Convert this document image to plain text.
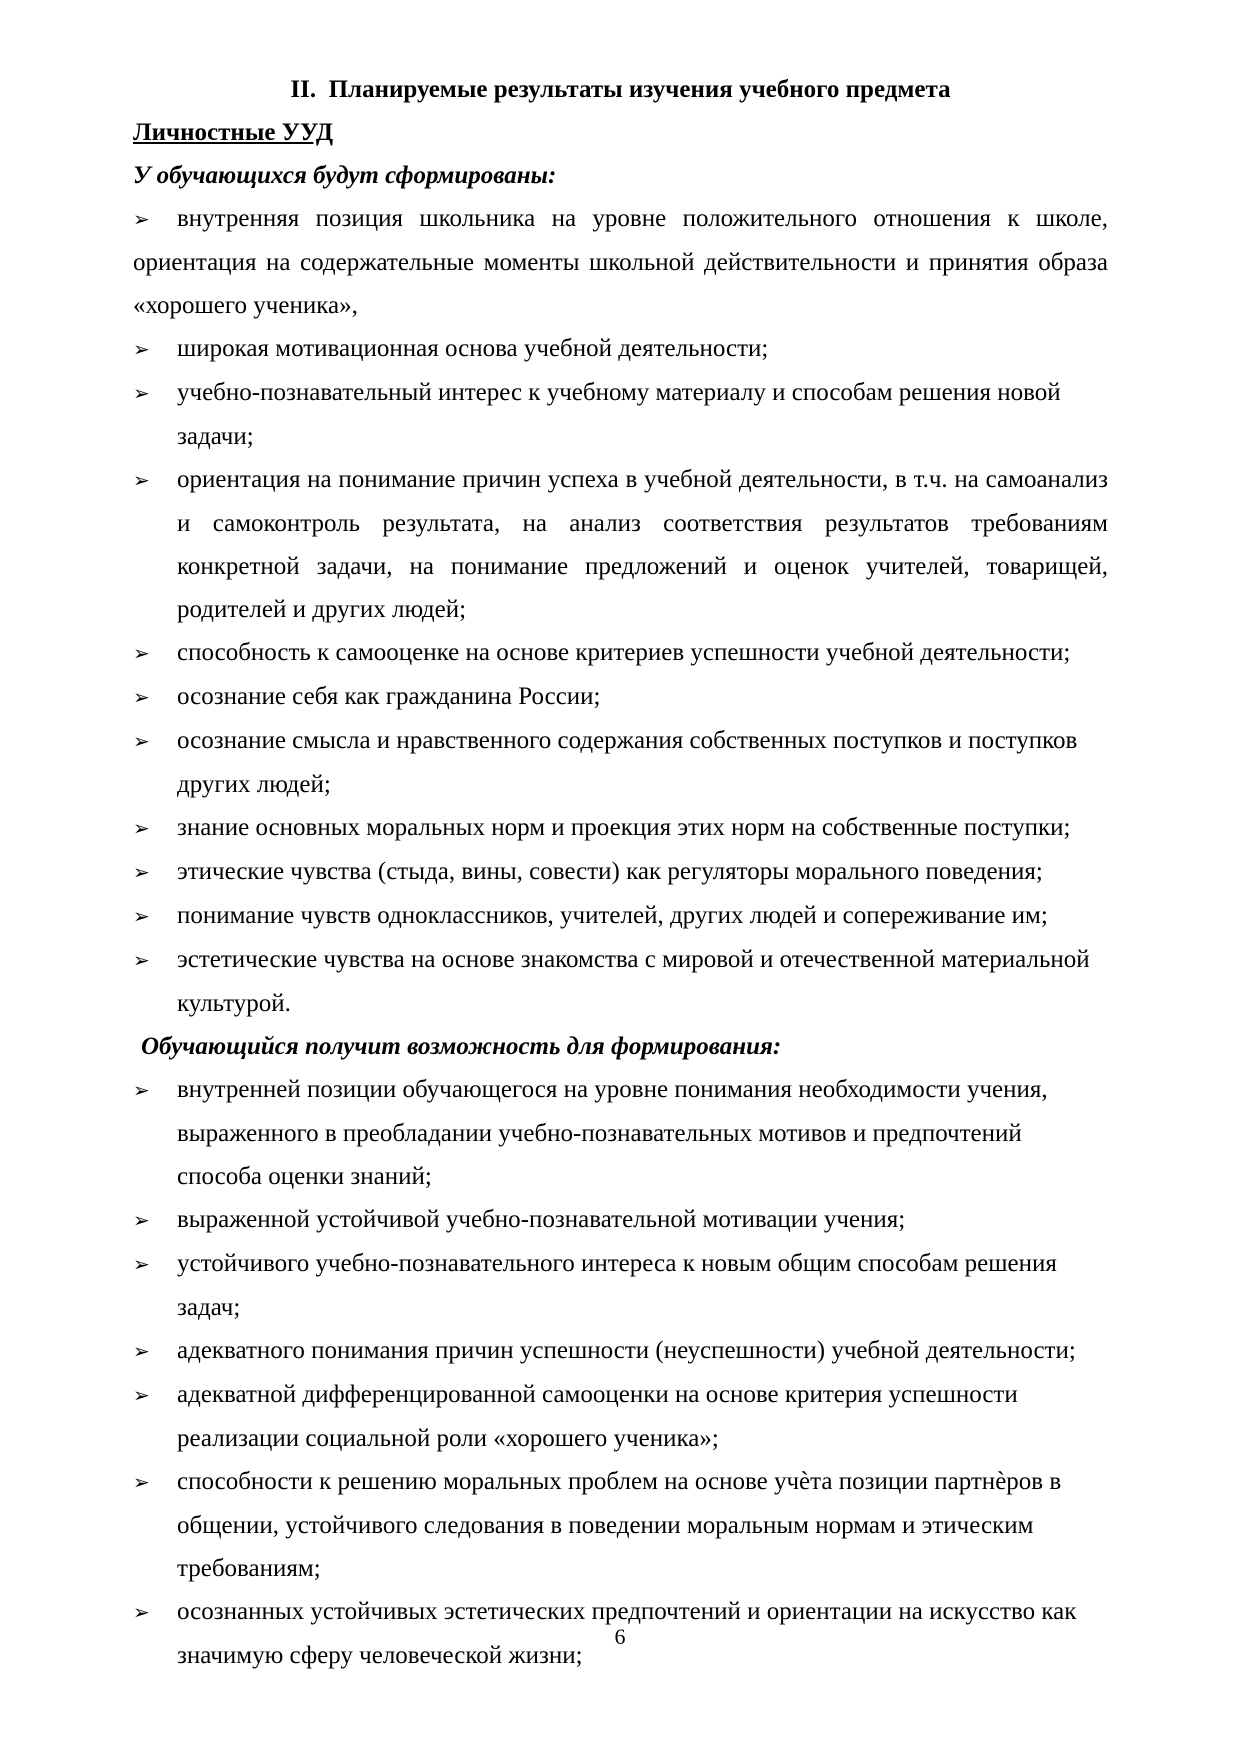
II.  Планируемые результаты изучения учебного предмета

Личностные УУД

У обучающихся будут сформированы:

➢ внутренняя позиция школьника на уровне положительного отношения к школе, ориентация на содержательные моменты школьной действительности и принятия образа «хорошего ученика»,
➢ широкая мотивационная основа учебной деятельности;
➢ учебно-познавательный интерес к учебному материалу и способам решения новой задачи;
➢ ориентация на понимание причин успеха в учебной деятельности, в т.ч. на самоанализ и самоконтроль результата, на анализ соответствия результатов требованиям конкретной задачи, на понимание предложений и оценок учителей, товарищей, родителей и других людей;
➢ способность к самооценке на основе критериев успешности учебной деятельности;
➢ осознание себя как гражданина России;
➢ осознание смысла и нравственного содержания собственных поступков и поступков других людей;
➢ знание основных моральных норм и проекция этих норм на собственные поступки;
➢ этические чувства (стыда, вины, совести) как регуляторы морального поведения;
➢ понимание чувств одноклассников, учителей, других людей и сопереживание им;
➢ эстетические чувства на основе знакомства с мировой и отечественной материальной культурой.

Обучающийся получит возможность для формирования:

➢ внутренней позиции обучающегося на уровне понимания необходимости учения, выраженного в преобладании учебно-познавательных мотивов и предпочтений способа оценки знаний;
➢ выраженной устойчивой учебно-познавательной мотивации учения;
➢ устойчивого учебно-познавательного интереса к новым общим способам решения задач;
➢ адекватного понимания причин успешности (неуспешности) учебной деятельности;
➢ адекватной дифференцированной самооценки на основе критерия успешности реализации социальной роли «хорошего ученика»;
➢ способности к решению моральных проблем на основе учѐта позиции партнѐров в общении, устойчивого следования в поведении моральным нормам и этическим требованиям;
➢ осознанных устойчивых эстетических предпочтений и ориентации на искусство как значимую сферу человеческой жизни;
6
